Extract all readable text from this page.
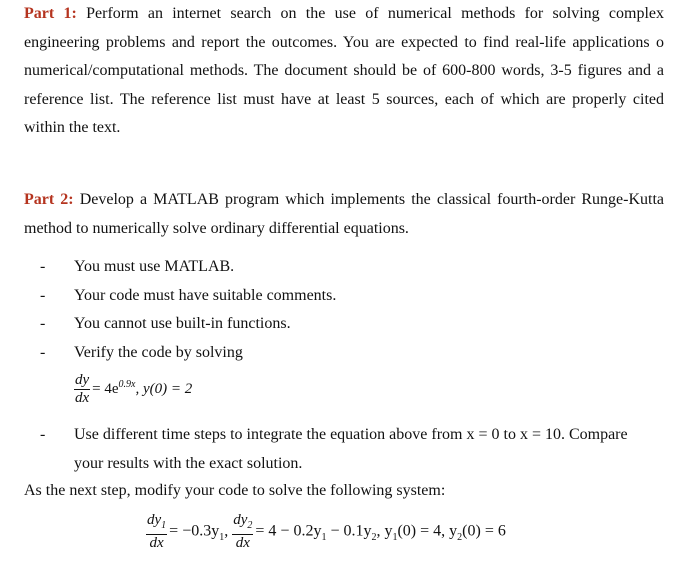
Part 1: Perform an internet search on the use of numerical methods for solving complex engineering problems and report the outcomes. You are expected to find real-life applications o numerical/computational methods. The document should be of 600-800 words, 3-5 figures and a reference list. The reference list must have at least 5 sources, each of which are properly cited within the text.
Part 2: Develop a MATLAB program which implements the classical fourth-order Runge-Kutta method to numerically solve ordinary differential equations.
- You must use MATLAB.
- Your code must have suitable comments.
- You cannot use built-in functions.
- Verify the code by solving
$\frac{dy}{dx} = 4e^{0.9x}$, y(0) = 2
-	Use different time steps to integrate the equation above from x = 0 to x = 10. Compare your results with the exact solution.
As the next step, modify your code to solve the following system:
$\frac{dy_1}{dx} = -0.3y_1$, $\frac{dy_2}{dx} = 4 - 0.2y_1 - 0.1y_2$, $y_1(0) = 4$, $y_2(0) = 6$
